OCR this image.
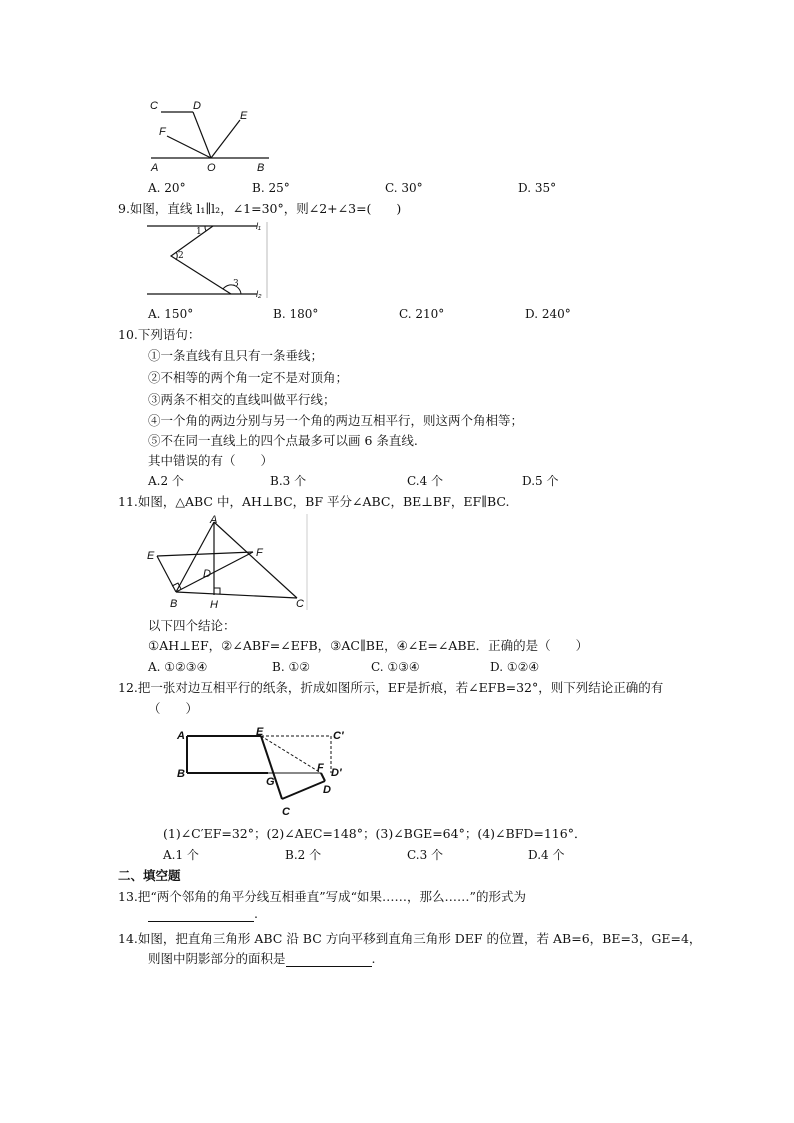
C	D
F
E
A	O	B
A. 20°	B. 25°	C. 30°	D. 35°
9.如图，直线 l₁∥l₂，∠1=30°，则∠2+∠3=(　　)
1
2
3
l₁
l₂
A. 150°	B. 180°	C. 210°	D. 240°
10.下列语句：
①一条直线有且只有一条垂线；
②不相等的两个角一定不是对顶角；
③两条不相交的直线叫做平行线；
④一个角的两边分别与另一个角的两边互相平行，则这两个角相等；
⑤不在同一直线上的四个点最多可以画 6 条直线.
其中错误的有（　　）
A.2 个	B.3 个	C.4 个	D.5 个
11.如图，△ABC 中，AH⊥BC，BF 平分∠ABC，BE⊥BF，EF∥BC.
A
E	F
D
B	H	C
以下四个结论：
①AH⊥EF，②∠ABF=∠EFB，③AC∥BE，④∠E=∠ABE．正确的是（　　）
A. ①②③④	B. ①②	C. ①③④	D. ①②④
12.把一张对边互相平行的纸条，折成如图所示，EF是折痕，若∠EFB=32°，则下列结论正确的有
（　　）
A	E	C′
B
G
F D′
D
C
(1)∠C′EF=32°；(2)∠AEC=148°；(3)∠BGE=64°；(4)∠BFD=116°．
A.1 个	B.2 个	C.3 个	D.4 个
二、填空题
13.把“两个邻角的角平分线互相垂直”写成“如果……，那么……”的形式为
.
14.如图，把直角三角形 ABC 沿 BC 方向平移到直角三角形 DEF 的位置，若 AB=6，BE=3，GE=4，
则图中阴影部分的面积是	.
